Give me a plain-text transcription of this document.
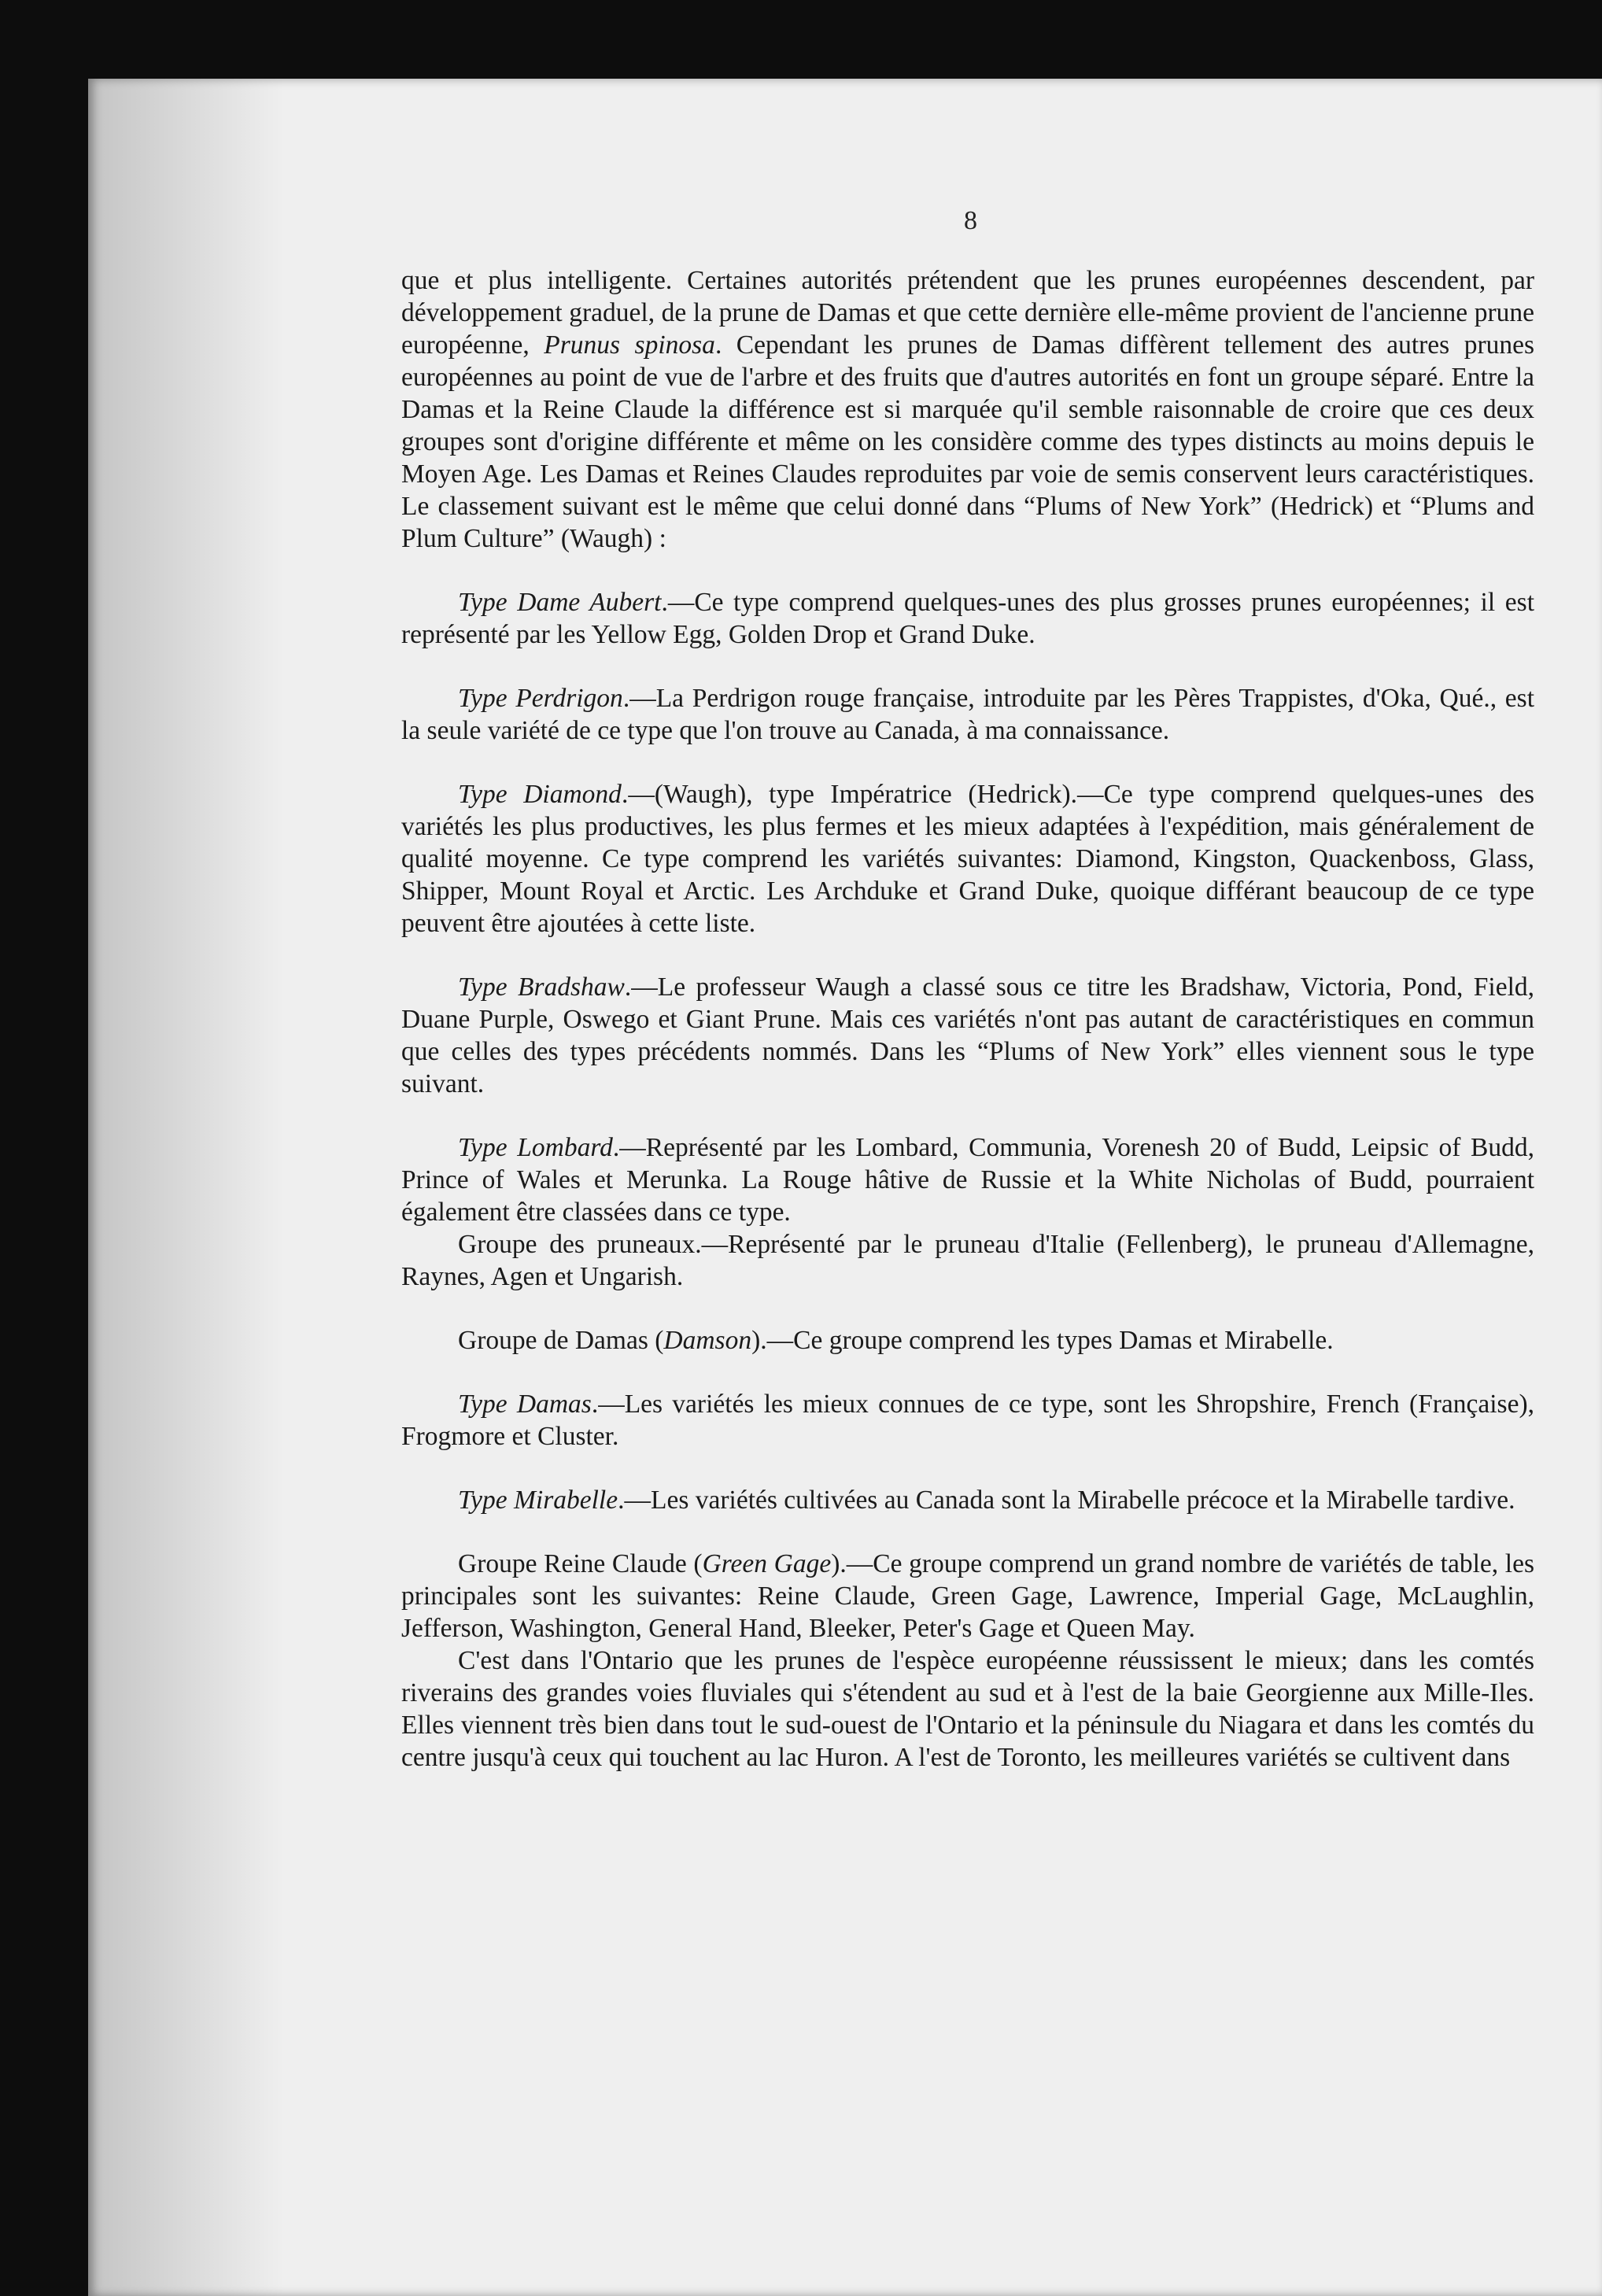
8

que et plus intelligente. Certaines autorités prétendent que les prunes européennes descendent, par développement graduel, de la prune de Damas et que cette dernière elle-même provient de l'ancienne prune européenne, Prunus spinosa. Cependant les prunes de Damas diffèrent tellement des autres prunes européennes au point de vue de l'arbre et des fruits que d'autres autorités en font un groupe séparé. Entre la Damas et la Reine Claude la différence est si marquée qu'il semble raisonnable de croire que ces deux groupes sont d'origine différente et même on les considère comme des types distincts au moins depuis le Moyen Age. Les Damas et Reines Claudes reproduites par voie de semis conservent leurs caractéristiques. Le classement suivant est le même que celui donné dans “Plums of New York” (Hedrick) et “Plums and Plum Culture” (Waugh) :

Type Dame Aubert.—Ce type comprend quelques-unes des plus grosses prunes européennes; il est représenté par les Yellow Egg, Golden Drop et Grand Duke.

Type Perdrigon.—La Perdrigon rouge française, introduite par les Pères Trappistes, d'Oka, Qué., est la seule variété de ce type que l'on trouve au Canada, à ma connaissance.

Type Diamond.—(Waugh), type Impératrice (Hedrick).—Ce type comprend quelques-unes des variétés les plus productives, les plus fermes et les mieux adaptées à l'expédition, mais généralement de qualité moyenne. Ce type comprend les variétés suivantes: Diamond, Kingston, Quackenboss, Glass, Shipper, Mount Royal et Arctic. Les Archduke et Grand Duke, quoique différant beaucoup de ce type peuvent être ajoutées à cette liste.

Type Bradshaw.—Le professeur Waugh a classé sous ce titre les Bradshaw, Victoria, Pond, Field, Duane Purple, Oswego et Giant Prune. Mais ces variétés n'ont pas autant de caractéristiques en commun que celles des types précédents nommés. Dans les “Plums of New York” elles viennent sous le type suivant.

Type Lombard.—Représenté par les Lombard, Communia, Vorenesh 20 of Budd, Leipsic of Budd, Prince of Wales et Merunka. La Rouge hâtive de Russie et la White Nicholas of Budd, pourraient également être classées dans ce type.

Groupe des pruneaux.—Représenté par le pruneau d'Italie (Fellenberg), le pruneau d'Allemagne, Raynes, Agen et Ungarish.

Groupe de Damas (Damson).—Ce groupe comprend les types Damas et Mirabelle.

Type Damas.—Les variétés les mieux connues de ce type, sont les Shropshire, French (Française), Frogmore et Cluster.

Type Mirabelle.—Les variétés cultivées au Canada sont la Mirabelle précoce et la Mirabelle tardive.

Groupe Reine Claude (Green Gage).—Ce groupe comprend un grand nombre de variétés de table, les principales sont les suivantes: Reine Claude, Green Gage, Lawrence, Imperial Gage, McLaughlin, Jefferson, Washington, General Hand, Bleeker, Peter's Gage et Queen May.

C'est dans l'Ontario que les prunes de l'espèce européenne réussissent le mieux; dans les comtés riverains des grandes voies fluviales qui s'étendent au sud et à l'est de la baie Georgienne aux Mille-Iles. Elles viennent très bien dans tout le sud-ouest de l'Ontario et la péninsule du Niagara et dans les comtés du centre jusqu'à ceux qui touchent au lac Huron. A l'est de Toronto, les meilleures variétés se cultivent dans
